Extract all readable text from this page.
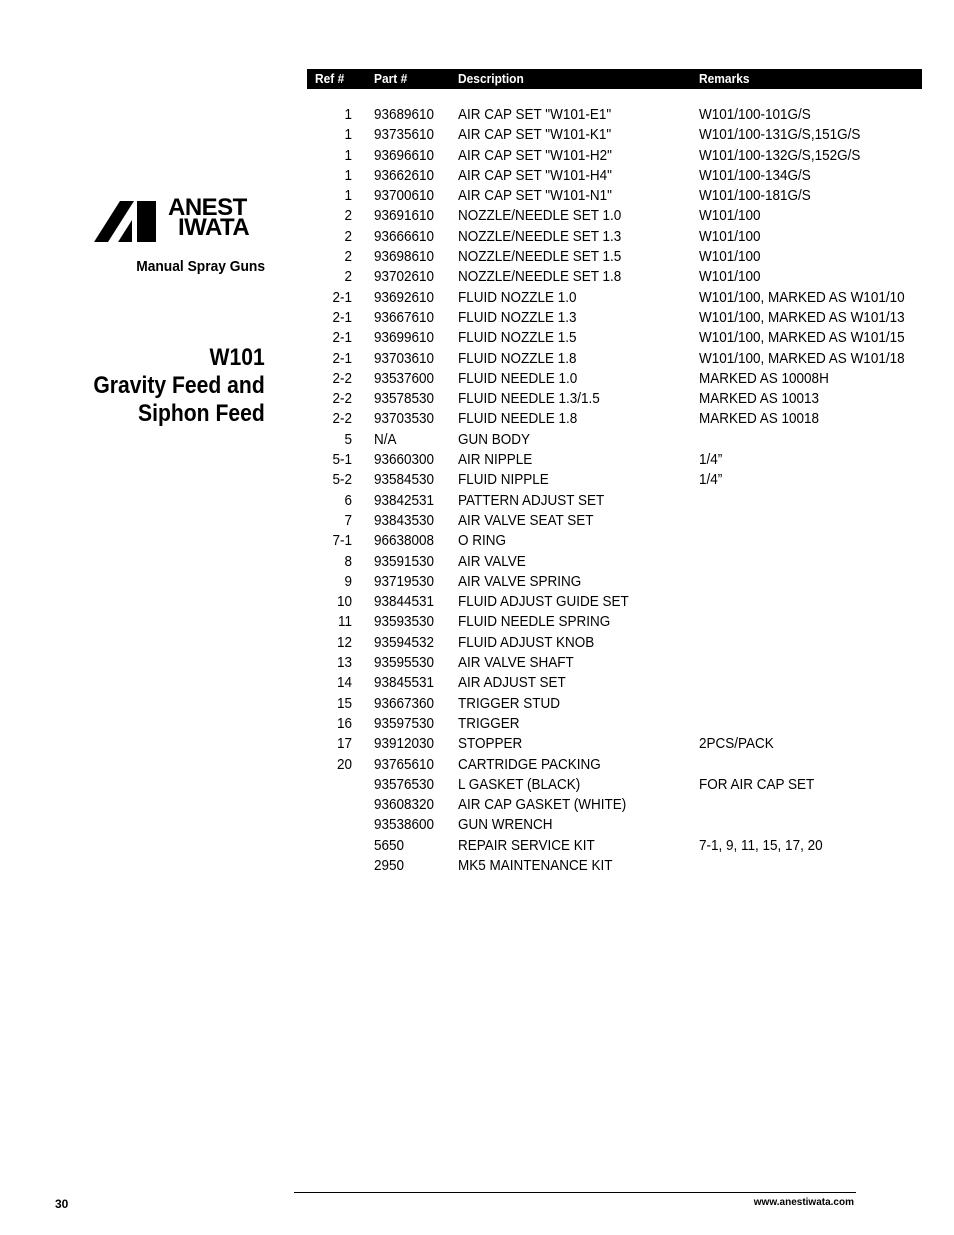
ANEST
IWATA
Manual Spray Guns
W101
Gravity Feed and
Siphon Feed
Ref # Part #	Description	Remarks
1 93689610 AIR CAP SET "W101-E1"	W101/100-101G/S
1 93735610 AIR CAP SET "W101-K1"	W101/100-131G/S,151G/S
1 93696610 AIR CAP SET "W101-H2"	W101/100-132G/S,152G/S
1 93662610 AIR CAP SET "W101-H4"	W101/100-134G/S
1 93700610 AIR CAP SET "W101-N1"	W101/100-181G/S
2 93691610 NOZZLE/NEEDLE SET 1.0	W101/100
2 93666610 NOZZLE/NEEDLE SET 1.3	W101/100
2 93698610 NOZZLE/NEEDLE SET 1.5	W101/100
2 93702610 NOZZLE/NEEDLE SET 1.8	W101/100
2-1 93692610 FLUID NOZZLE 1.0	W101/100, MARKED AS W101/10
2-1 93667610 FLUID NOZZLE 1.3	W101/100, MARKED AS W101/13
2-1 93699610 FLUID NOZZLE 1.5	W101/100, MARKED AS W101/15
2-1 93703610 FLUID NOZZLE 1.8	W101/100, MARKED AS W101/18
2-2 93537600 FLUID NEEDLE 1.0	MARKED AS 10008H
2-2 93578530 FLUID NEEDLE 1.3/1.5	MARKED AS 10013
2-2 93703530 FLUID NEEDLE 1.8	MARKED AS 10018
5 N/A	GUN BODY
5-1 93660300 AIR NIPPLE	1/4”
5-2 93584530 FLUID NIPPLE	1/4”
6 93842531 PATTERN ADJUST SET
7 93843530 AIR VALVE SEAT SET
7-1 96638008 O RING
8 93591530 AIR VALVE
9 93719530 AIR VALVE SPRING
10 93844531 FLUID ADJUST GUIDE SET
11 93593530 FLUID NEEDLE SPRING
12 93594532 FLUID ADJUST KNOB
13 93595530 AIR VALVE SHAFT
14 93845531 AIR ADJUST SET
15 93667360 TRIGGER STUD
16 93597530 TRIGGER
17 93912030 STOPPER	2PCS/PACK
20 93765610 CARTRIDGE PACKING
93576530 L GASKET (BLACK)	FOR AIR CAP SET
93608320 AIR CAP GASKET (WHITE)
93538600 GUN WRENCH
5650	REPAIR SERVICE KIT	7-1, 9, 11, 15, 17, 20
2950	MK5 MAINTENANCE KIT
30	www.anestiwata.com
